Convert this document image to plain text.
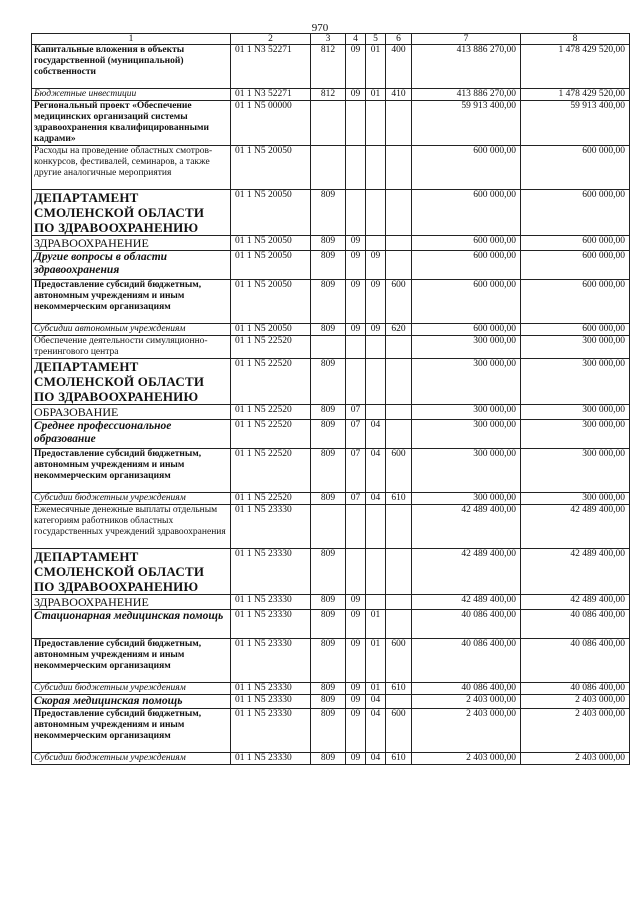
970
1	2	3	4	5	6	7	8
Капитальные вложения в объекты государственной (муниципальной) собственности	01 1 N3 52271	812	09	01	400	413 886 270,00	1 478 429 520,00
Бюджетные инвестиции	01 1 N3 52271	812	09	01	410	413 886 270,00	1 478 429 520,00
Региональный проект «Обеспечение медицинских организаций системы здравоохранения квалифицированными кадрами»	01 1 N5 00000					59 913 400,00	59 913 400,00
Расходы на проведение областных смотров-конкурсов, фестивалей, семинаров, а также другие аналогичные мероприятия	01 1 N5 20050					600 000,00	600 000,00
ДЕПАРТАМЕНТ СМОЛЕНСКОЙ ОБЛАСТИ ПО ЗДРАВООХРАНЕНИЮ	01 1 N5 20050	809				600 000,00	600 000,00
ЗДРАВООХРАНЕНИЕ	01 1 N5 20050	809	09			600 000,00	600 000,00
Другие вопросы в области здравоохранения	01 1 N5 20050	809	09	09		600 000,00	600 000,00
Предоставление субсидий бюджетным, автономным учреждениям и иным некоммерческим организациям	01 1 N5 20050	809	09	09	600	600 000,00	600 000,00
Субсидии автономным учреждениям	01 1 N5 20050	809	09	09	620	600 000,00	600 000,00
Обеспечение деятельности симуляционно-тренингового центра	01 1 N5 22520					300 000,00	300 000,00
ДЕПАРТАМЕНТ СМОЛЕНСКОЙ ОБЛАСТИ ПО ЗДРАВООХРАНЕНИЮ	01 1 N5 22520	809				300 000,00	300 000,00
ОБРАЗОВАНИЕ	01 1 N5 22520	809	07			300 000,00	300 000,00
Среднее профессиональное образование	01 1 N5 22520	809	07	04		300 000,00	300 000,00
Предоставление субсидий бюджетным, автономным учреждениям и иным некоммерческим организациям	01 1 N5 22520	809	07	04	600	300 000,00	300 000,00
Субсидии бюджетным учреждениям	01 1 N5 22520	809	07	04	610	300 000,00	300 000,00
Ежемесячные денежные выплаты отдельным категориям работников областных государственных учреждений здравоохранения	01 1 N5 23330					42 489 400,00	42 489 400,00
ДЕПАРТАМЕНТ СМОЛЕНСКОЙ ОБЛАСТИ ПО ЗДРАВООХРАНЕНИЮ	01 1 N5 23330	809				42 489 400,00	42 489 400,00
ЗДРАВООХРАНЕНИЕ	01 1 N5 23330	809	09			42 489 400,00	42 489 400,00
Стационарная медицинская помощь	01 1 N5 23330	809	09	01		40 086 400,00	40 086 400,00
Предоставление субсидий бюджетным, автономным учреждениям и иным некоммерческим организациям	01 1 N5 23330	809	09	01	600	40 086 400,00	40 086 400,00
Субсидии бюджетным учреждениям	01 1 N5 23330	809	09	01	610	40 086 400,00	40 086 400,00
Скорая медицинская помощь	01 1 N5 23330	809	09	04		2 403 000,00	2 403 000,00
Предоставление субсидий бюджетным, автономным учреждениям и иным некоммерческим организациям	01 1 N5 23330	809	09	04	600	2 403 000,00	2 403 000,00
Субсидии бюджетным учреждениям	01 1 N5 23330	809	09	04	610	2 403 000,00	2 403 000,00
